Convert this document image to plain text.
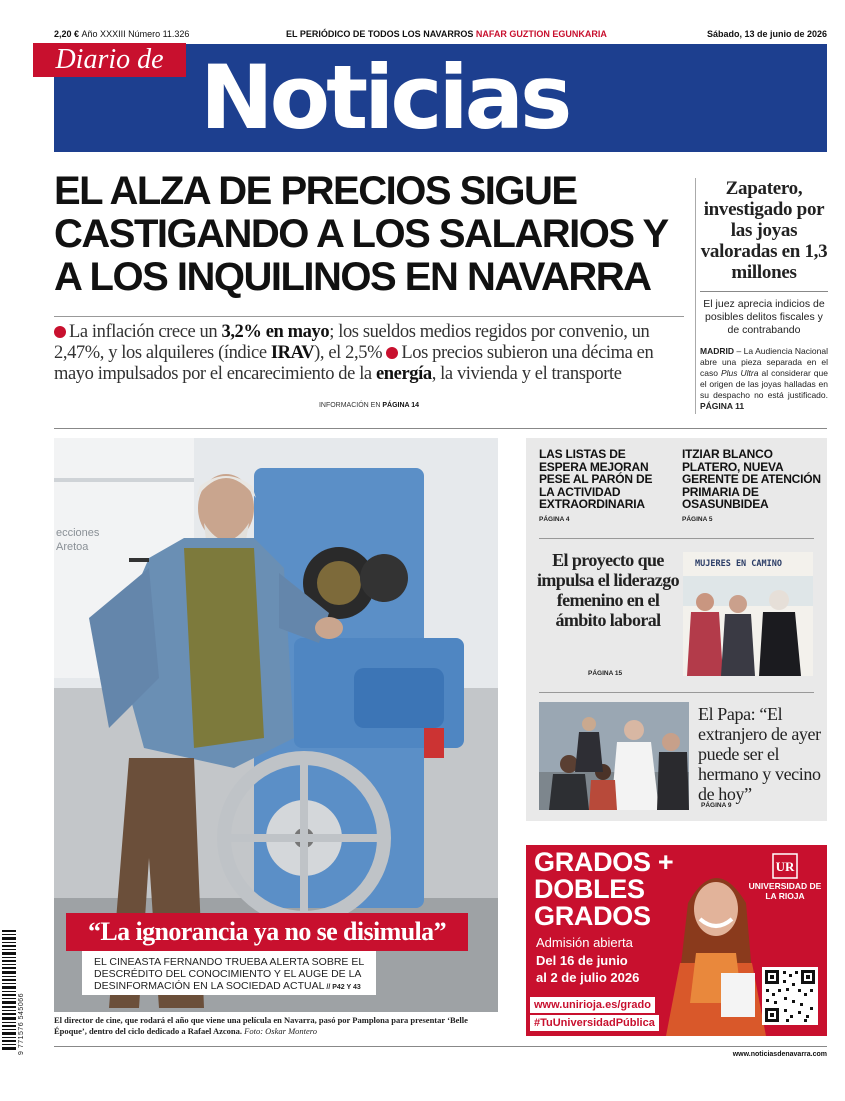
2,20 € Año XXXIII Número 11.326	EL PERIÓDICO DE TODOS LOS NAVARROS NAFAR GUZTION EGUNKARIA	Sábado, 13 de junio de 2026
Diario de Noticias
EL ALZA DE PRECIOS SIGUE CASTIGANDO A LOS SALARIOS Y A LOS INQUILINOS EN NAVARRA
La inflación crece un 3,2% en mayo; los sueldos medios regidos por convenio, un 2,47%, y los alquileres (índice IRAV), el 2,5% Los precios subieron una décima en mayo impulsados por el encarecimiento de la energía, la vivienda y el transporte
INFORMACIÓN EN PÁGINA 14
Zapatero, investigado por las joyas valoradas en 1,3 millones
El juez aprecia indicios de posibles delitos fiscales y de contrabando
MADRID – La Audiencia Nacional abre una pieza separada en el caso Plus Ultra al considerar que el origen de las joyas halladas en su despacho no está justificado. PÁGINA 11
ecciones
Aretoa
“La ignorancia ya no se disimula”
EL CINEASTA FERNANDO TRUEBA ALERTA SOBRE EL DESCRÉDITO DEL CONOCIMIENTO Y EL AUGE DE LA DESINFORMACIÓN EN LA SOCIEDAD ACTUAL // P42 Y 43
El director de cine, que rodará el año que viene una película en Navarra, pasó por Pamplona para presentar ‘Belle Époque’, dentro del ciclo dedicado a Rafael Azcona. Foto: Oskar Montero
9 771576 545066
LAS LISTAS DE ESPERA MEJORAN PESE AL PARÓN DE LA ACTIVIDAD EXTRAORDINARIA
PÁGINA 4
ITZIAR BLANCO PLATERO, NUEVA GERENTE DE ATENCIÓN PRIMARIA DE OSASUNBIDEA
PÁGINA 5
El proyecto que impulsa el liderazgo femenino en el ámbito laboral
PÁGINA 15
MUJERES EN CAMINO
El Papa: “El extranjero de ayer puede ser el hermano y vecino de hoy”
PÁGINA 9
GRADOS +
DOBLES
GRADOS
Admisión abierta
Del 16 de junio
al 2 de julio 2026
www.unirioja.es/grado
#TuUniversidadPública
UR
UNIVERSIDAD DE LA RIOJA
www.noticiasdenavarra.com
